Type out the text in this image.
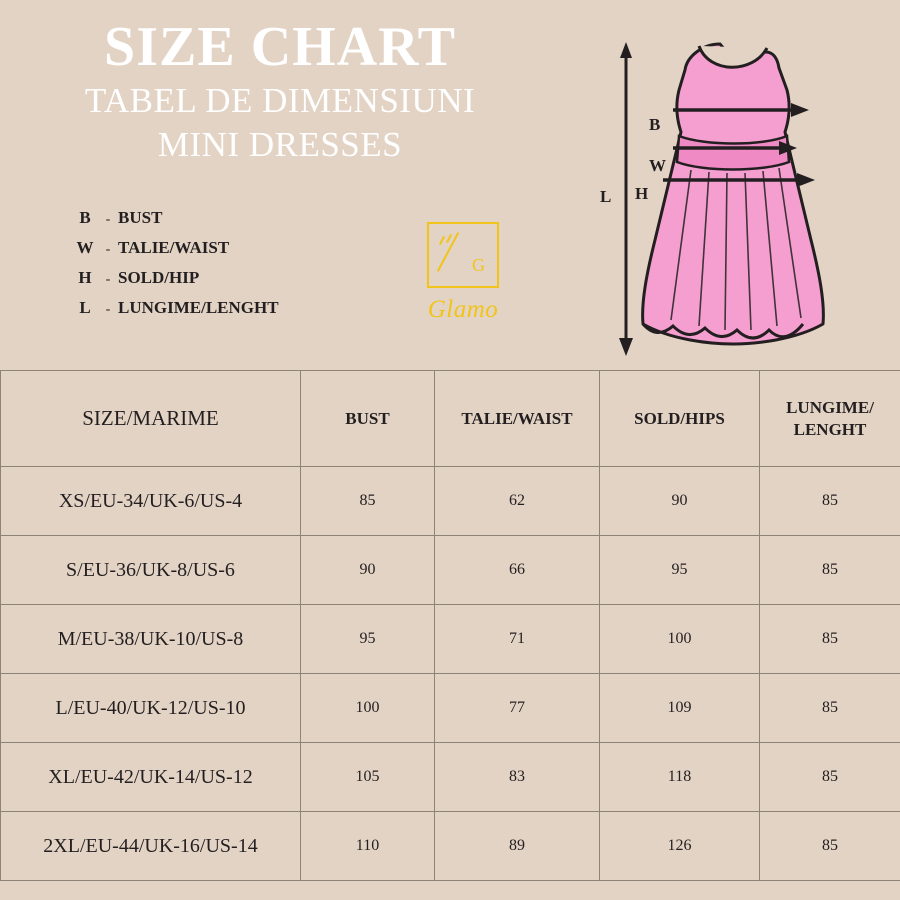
SIZE CHART
TABEL DE DIMENSIUNI
MINI DRESSES
B	- BUST
W - TALIE/WAIST
H	- SOLD/HIP
L	- LUNGIME/LENGHT
G
Glamo
B
W
H
L
SIZE/MARIME	BUST	TALIE/WAIST	SOLD/HIPS	LUNGIME/ LENGHT
XS/EU-34/UK-6/US-4	85	62	90	85
S/EU-36/UK-8/US-6	90	66	95	85
M/EU-38/UK-10/US-8	95	71	100	85
L/EU-40/UK-12/US-10	100	77	109	85
XL/EU-42/UK-14/US-12	105	83	118	85
2XL/EU-44/UK-16/US-14	110	89	126	85
